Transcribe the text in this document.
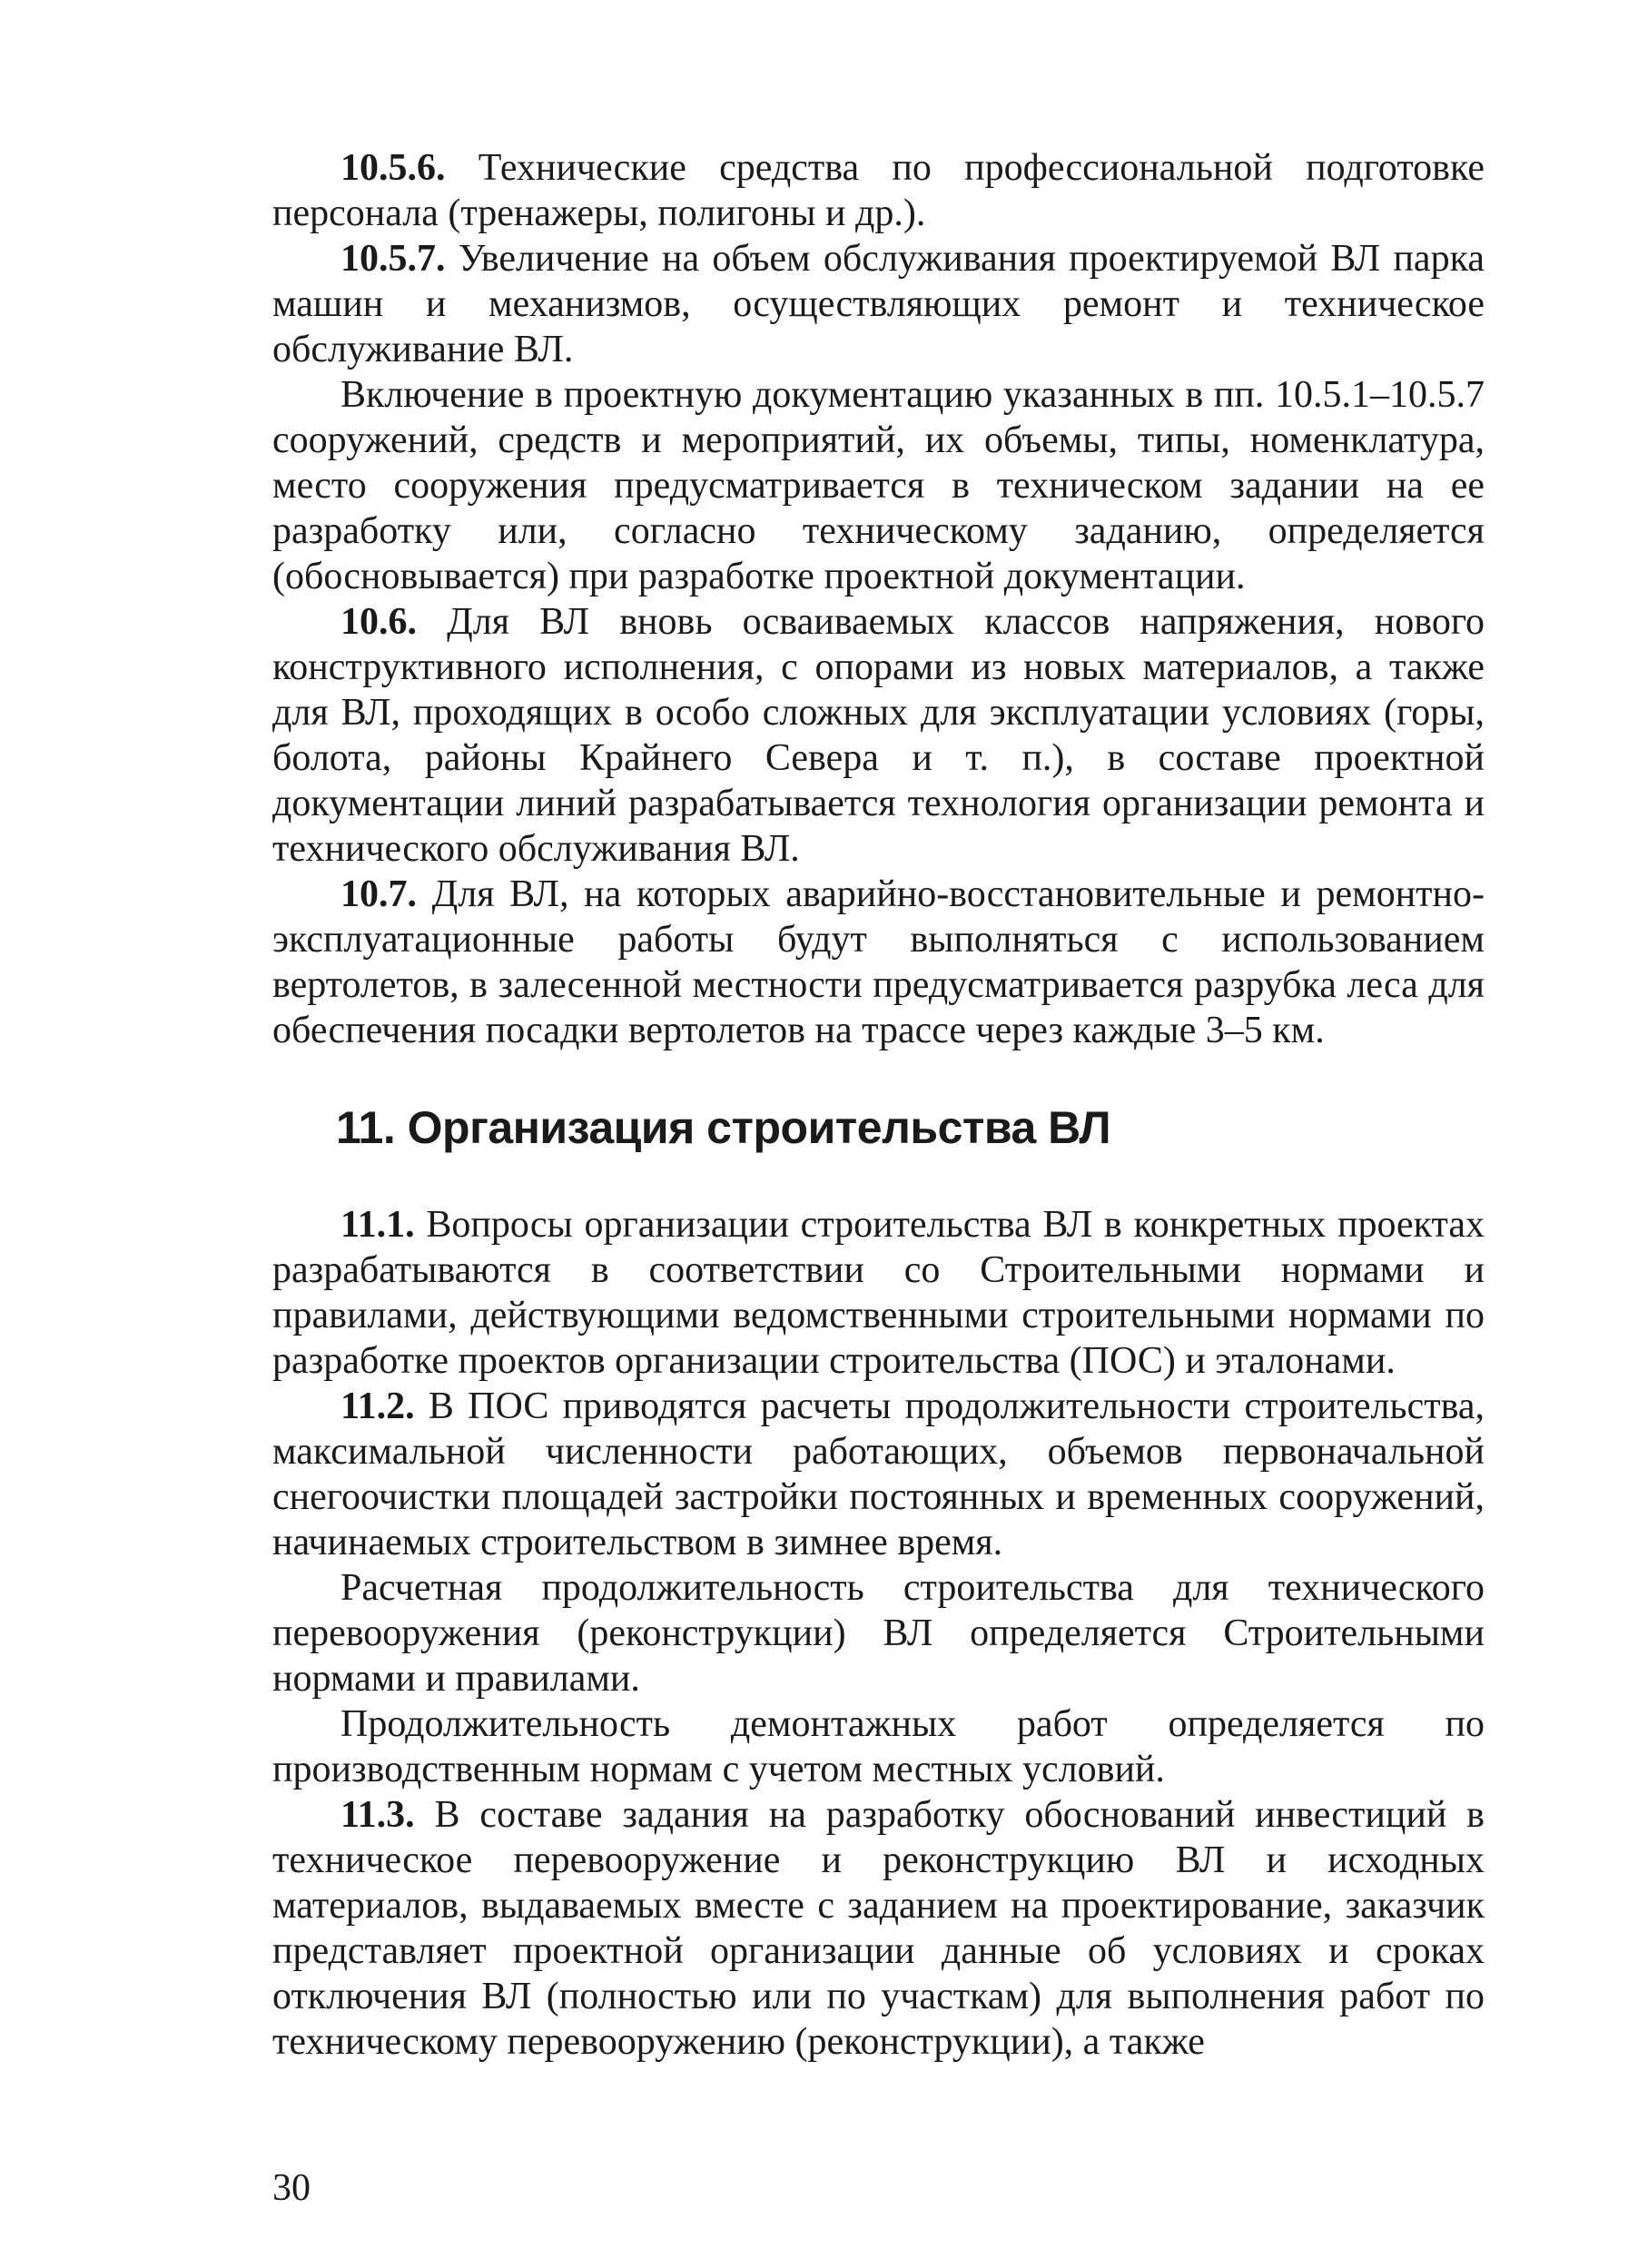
10.5.6. Технические средства по профессиональной подготовке персонала (тренажеры, полигоны и др.).

10.5.7. Увеличение на объем обслуживания проектируемой ВЛ парка машин и механизмов, осуществляющих ремонт и техническое обслуживание ВЛ.

Включение в проектную документацию указанных в пп. 10.5.1–10.5.7 сооружений, средств и мероприятий, их объемы, типы, номенклатура, место сооружения предусматривается в техническом задании на ее разработку или, согласно техническому заданию, определяется (обосновывается) при разработке проектной документации.

10.6. Для ВЛ вновь осваиваемых классов напряжения, нового конструктивного исполнения, с опорами из новых материалов, а также для ВЛ, проходящих в особо сложных для эксплуатации условиях (горы, болота, районы Крайнего Севера и т. п.), в составе проектной документации линий разрабатывается технология организации ремонта и технического обслуживания ВЛ.

10.7. Для ВЛ, на которых аварийно-восстановительные и ремонтно-эксплуатационные работы будут выполняться с использованием вертолетов, в залесенной местности предусматривается разрубка леса для обеспечения посадки вертолетов на трассе через каждые 3–5 км.

11. Организация строительства ВЛ

11.1. Вопросы организации строительства ВЛ в конкретных проектах разрабатываются в соответствии со Строительными нормами и правилами, действующими ведомственными строительными нормами по разработке проектов организации строительства (ПОС) и эталонами.

11.2. В ПОС приводятся расчеты продолжительности строительства, максимальной численности работающих, объемов первоначальной снегоочистки площадей застройки постоянных и временных сооружений, начинаемых строительством в зимнее время.

Расчетная продолжительность строительства для технического перевооружения (реконструкции) ВЛ определяется Строительными нормами и правилами.

Продолжительность демонтажных работ определяется по производственным нормам с учетом местных условий.

11.3. В составе задания на разработку обоснований инвестиций в техническое перевооружение и реконструкцию ВЛ и исходных материалов, выдаваемых вместе с заданием на проектирование, заказчик представляет проектной организации данные об условиях и сроках отключения ВЛ (полностью или по участкам) для выполнения работ по техническому перевооружению (реконструкции), а также

30
